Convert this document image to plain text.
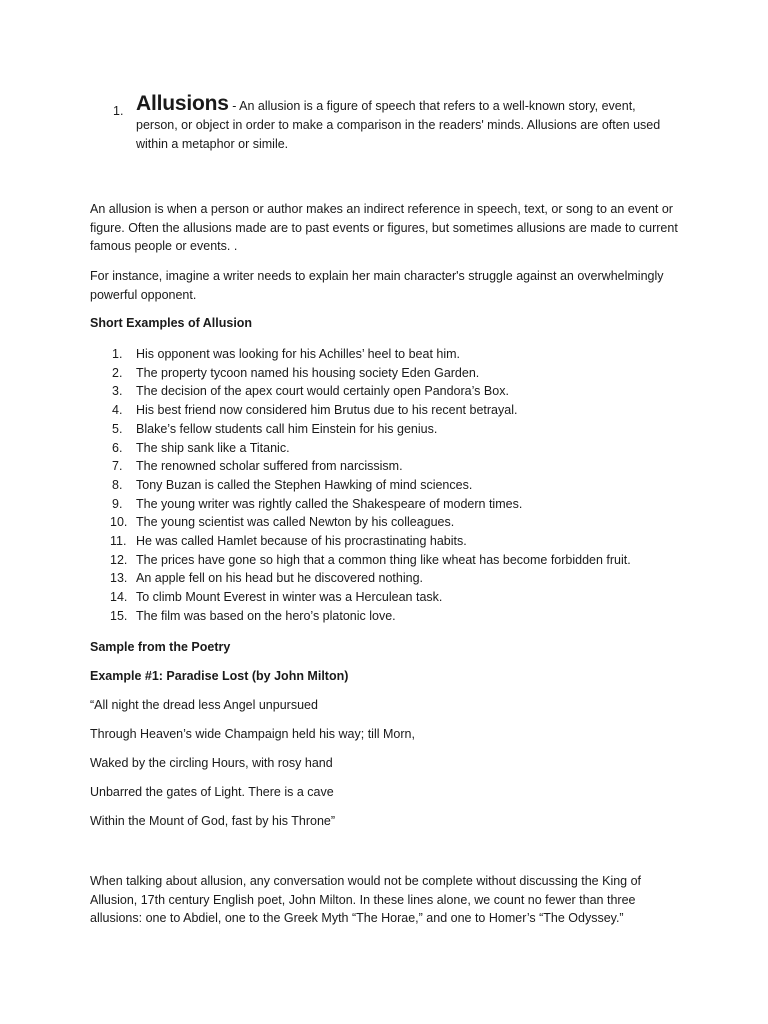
1. Allusions - An allusion is a figure of speech that refers to a well-known story, event, person, or object in order to make a comparison in the readers' minds. Allusions are often used within a metaphor or simile.

An allusion is when a person or author makes an indirect reference in speech, text, or song to an event or figure. Often the allusions made are to past events or figures, but sometimes allusions are made to current famous people or events. .

For instance, imagine a writer needs to explain her main character's struggle against an overwhelmingly powerful opponent.

Short Examples of Allusion

1.	His opponent was looking for his Achilles’ heel to beat him.
2.	The property tycoon named his housing society Eden Garden.
3.	The decision of the apex court would certainly open Pandora’s Box.
4.	His best friend now considered him Brutus due to his recent betrayal.
5.	Blake’s fellow students call him Einstein for his genius.
6.	The ship sank like a Titanic.
7.	The renowned scholar suffered from narcissism.
8.	Tony Buzan is called the Stephen Hawking of mind sciences.
9.	The young writer was rightly called the Shakespeare of modern times.
10. The young scientist was called Newton by his colleagues.
11. He was called Hamlet because of his procrastinating habits.
12. The prices have gone so high that a common thing like wheat has become forbidden fruit.
13. An apple fell on his head but he discovered nothing.
14. To climb Mount Everest in winter was a Herculean task.
15. The film was based on the hero’s platonic love.

Sample from the Poetry

Example #1: Paradise Lost (by John Milton)

“All night the dread less Angel unpursued

Through Heaven’s wide Champaign held his way; till Morn,

Waked by the circling Hours, with rosy hand

Unbarred the gates of Light. There is a cave

Within the Mount of God, fast by his Throne”

When talking about allusion, any conversation would not be complete without discussing the King of Allusion, 17th century English poet, John Milton. In these lines alone, we count no fewer than three allusions: one to Abdiel, one to the Greek Myth “The Horae,” and one to Homer’s “The Odyssey.”
